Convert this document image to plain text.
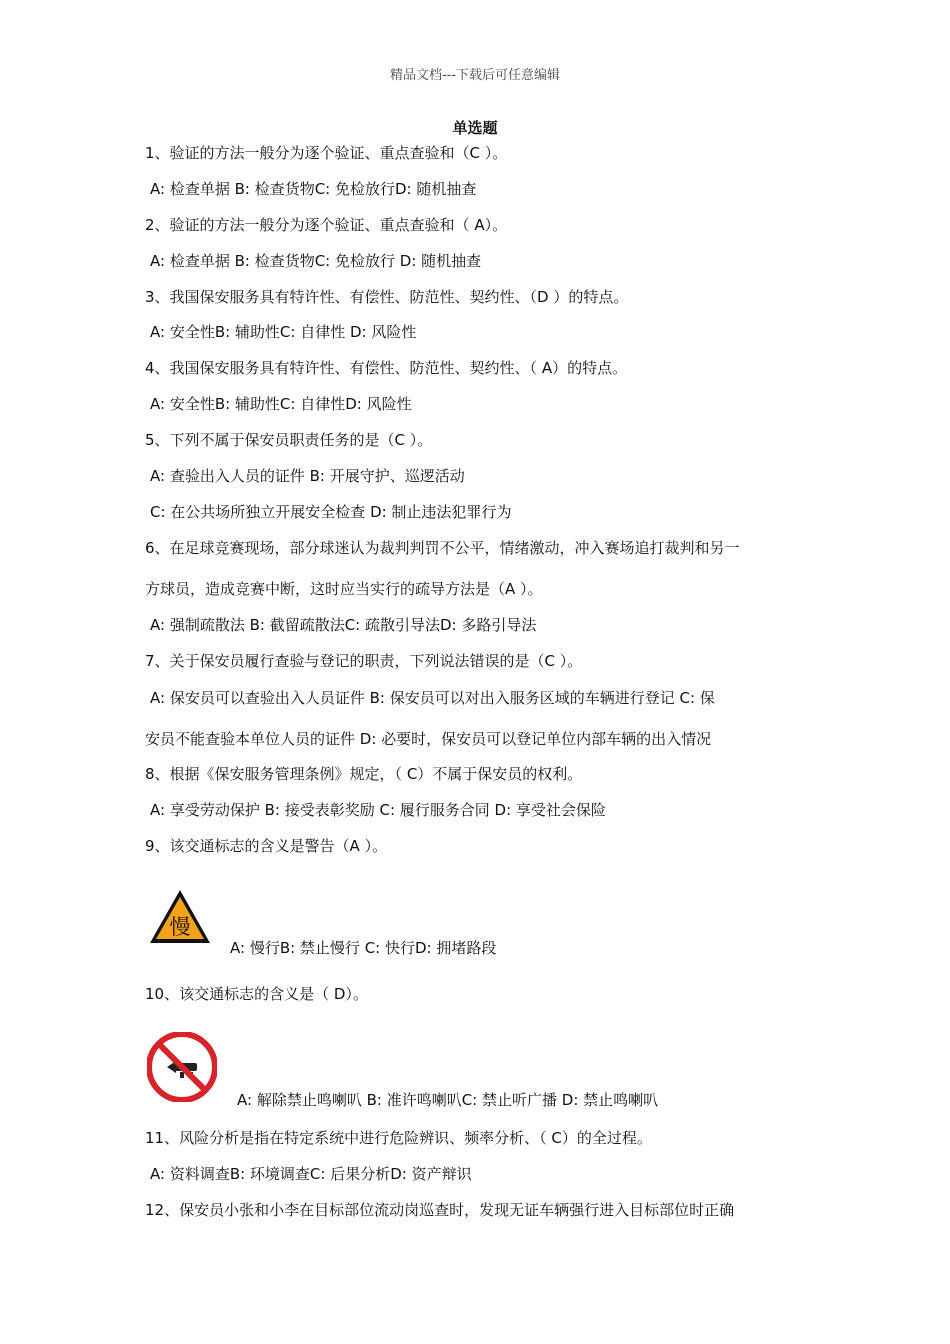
精品文档---下载后可任意编辑
单选题
1、验证的方法一般分为逐个验证、重点查验和（C ）。
A: 检查单据 B: 检查货物C: 免检放行D: 随机抽查
2、验证的方法一般分为逐个验证、重点查验和（ A）。
A: 检查单据 B: 检查货物C: 免检放行 D: 随机抽查
3、我国保安服务具有特许性、有偿性、防范性、契约性、（D ）的特点。
A: 安全性B: 辅助性C: 自律性 D: 风险性
4、我国保安服务具有特许性、有偿性、防范性、契约性、（ A）的特点。
A: 安全性B: 辅助性C: 自律性D: 风险性
5、下列不属于保安员职责任务的是（C ）。
A: 查验出入人员的证件 B: 开展守护、巡逻活动
C: 在公共场所独立开展安全检查 D: 制止违法犯罪行为
6、在足球竞赛现场，部分球迷认为裁判判罚不公平，情绪激动，冲入赛场追打裁判和另一
方球员，造成竞赛中断，这时应当实行的疏导方法是（A ）。
A: 强制疏散法 B: 截留疏散法C: 疏散引导法D: 多路引导法
7、关于保安员履行查验与登记的职责，下列说法错误的是（C ）。
A: 保安员可以查验出入人员证件 B: 保安员可以对出入服务区域的车辆进行登记 C: 保
安员不能查验本单位人员的证件 D: 必要时，保安员可以登记单位内部车辆的出入情况
8、根据《保安服务管理条例》规定，（ C）不属于保安员的权利。
A: 享受劳动保护 B: 接受表彰奖励 C: 履行服务合同 D: 享受社会保险
9、该交通标志的含义是警告（A ）。
慢
A: 慢行B: 禁止慢行 C: 快行D: 拥堵路段
10、该交通标志的含义是（ D）。
A: 解除禁止鸣喇叭 B: 准许鸣喇叭C: 禁止听广播 D: 禁止鸣喇叭
11、风险分析是指在特定系统中进行危险辨识、频率分析、（ C）的全过程。
A: 资料调查B: 环境调查C: 后果分析D: 资产辩识
12、保安员小张和小李在目标部位流动岗巡查时，发现无证车辆强行进入目标部位时正确
